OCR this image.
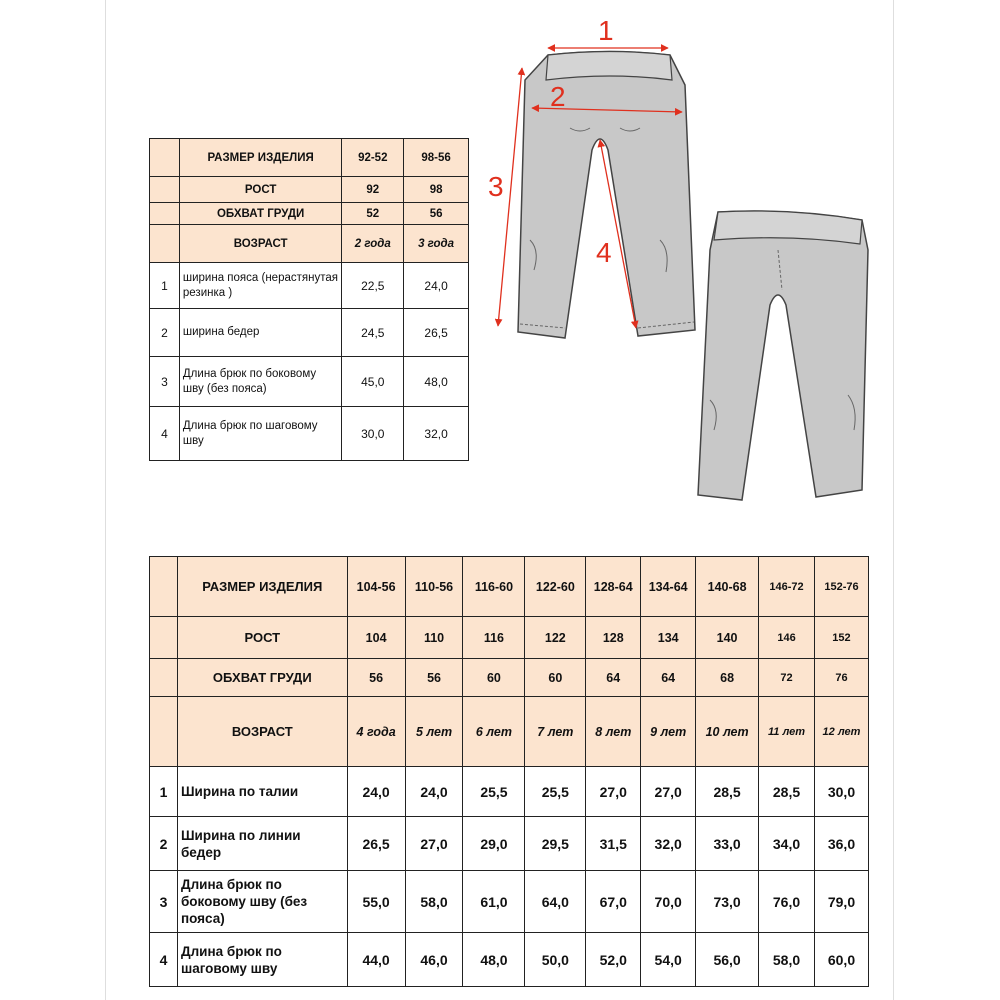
	РАЗМЕР ИЗДЕЛИЯ	92-52	98-56
	РОСТ	92	98
	ОБХВАТ ГРУДИ	52	56
	ВОЗРАСТ	2 года	3 года
1	ширина пояса (нерастянутая резинка )	22,5	24,0
2	ширина бедер	24,5	26,5
3	Длина брюк по боковому шву (без пояса)	45,0	48,0
4	Длина брюк по шаговому шву	30,0	32,0
	РАЗМЕР ИЗДЕЛИЯ	104-56	110-56	116-60	122-60	128-64	134-64	140-68	146-72	152-76
	РОСТ	104	110	116	122	128	134	140	146	152
	ОБХВАТ ГРУДИ	56	56	60	60	64	64	68	72	76
	ВОЗРАСТ	4 года	5 лет	6 лет	7 лет	8 лет	9 лет	10 лет	11 лет	12 лет
1	Ширина по талии	24,0	24,0	25,5	25,5	27,0	27,0	28,5	28,5	30,0
2	Ширина по линии бедер	26,5	27,0	29,0	29,5	31,5	32,0	33,0	34,0	36,0
3	Длина брюк по боковому шву (без пояса)	55,0	58,0	61,0	64,0	67,0	70,0	73,0	76,0	79,0
4	Длина брюк по шаговому шву	44,0	46,0	48,0	50,0	52,0	54,0	56,0	58,0	60,0
1
2
3
4
